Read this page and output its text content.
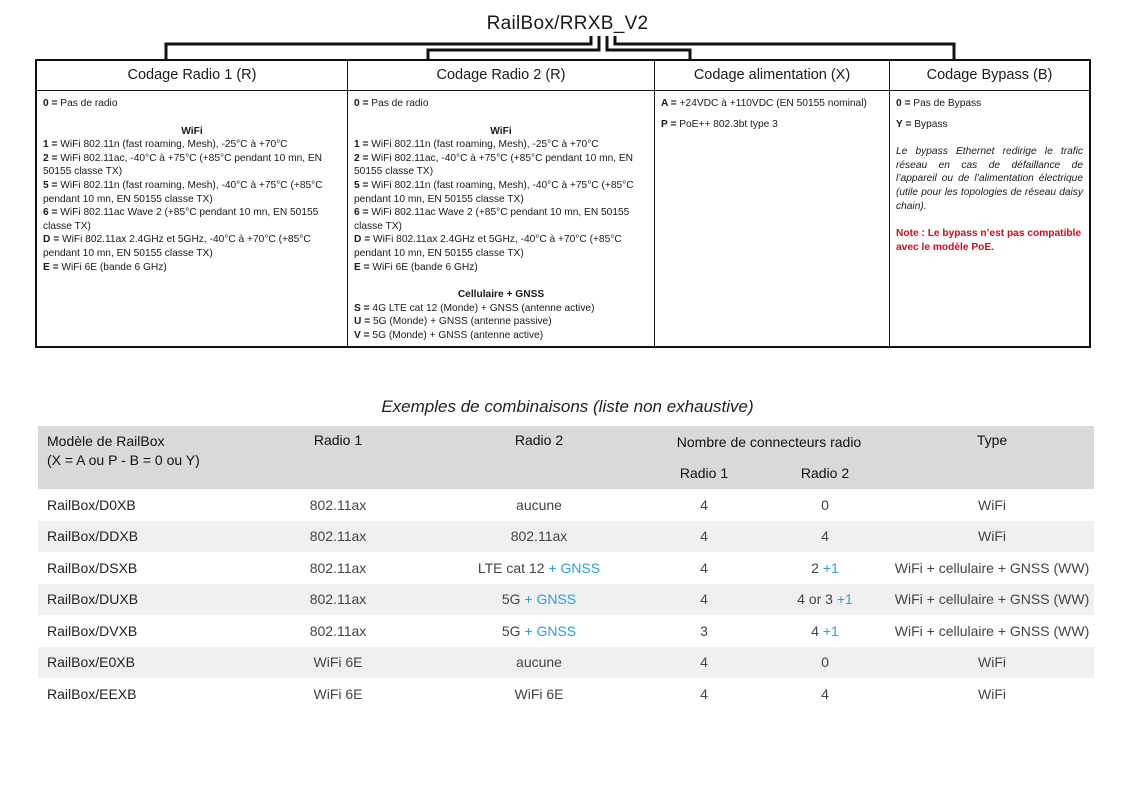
RailBox/RRXB_V2
Codage Radio 1 (R)
0 = Pas de radio
WiFi
1 = WiFi 802.11n (fast roaming, Mesh), -25°C à +70°C
2 = WiFi 802.11ac, -40°C à +75°C (+85°C pendant 10 mn, EN 50155 classe TX)
5 = WiFi 802.11n (fast roaming, Mesh), -40°C à +75°C (+85°C pendant 10 mn, EN 50155 classe TX)
6 = WiFi 802.11ac Wave 2 (+85°C pendant 10 mn, EN 50155 classe TX)
D = WiFi 802.11ax 2.4GHz et 5GHz, -40°C à +70°C (+85°C pendant 10 mn, EN 50155 classe TX)
E = WiFi 6E (bande 6 GHz)
Codage Radio 2 (R)
0 = Pas de radio
WiFi
1 = WiFi 802.11n (fast roaming, Mesh), -25°C à +70°C
2 = WiFi 802.11ac, -40°C à +75°C (+85°C pendant 10 mn, EN 50155 classe TX)
5 = WiFi 802.11n (fast roaming, Mesh), -40°C à +75°C (+85°C pendant 10 mn, EN 50155 classe TX)
6 = WiFi 802.11ac Wave 2 (+85°C pendant 10 mn, EN 50155 classe TX)
D = WiFi 802.11ax 2.4GHz et 5GHz, -40°C à +70°C (+85°C pendant 10 mn, EN 50155 classe TX)
E = WiFi 6E (bande 6 GHz)
Cellulaire + GNSS
S = 4G LTE cat 12 (Monde) + GNSS (antenne active)
U = 5G (Monde) + GNSS (antenne passive)
V = 5G (Monde) + GNSS (antenne active)
Codage alimentation (X)
A = +24VDC à +110VDC (EN 50155 nominal)
P = PoE++ 802.3bt type 3
Codage Bypass (B)
0 = Pas de Bypass
Y = Bypass
Le bypass Ethernet redirige le trafic réseau en cas de défaillance de l’appareil ou de l’alimentation électrique (utile pour les topologies de réseau daisy chain).
Note : Le bypass n’est pas compatible avec le modèle PoE.
Exemples de combinaisons (liste non exhaustive)
Modèle de RailBox
(X = A ou P - B = 0 ou Y)	Radio 1	Radio 2	Nombre de connecteurs radio		Type
			Radio 1	Radio 2	
RailBox/D0XB	802.11ax	aucune	4	0	WiFi
RailBox/DDXB	802.11ax	802.11ax	4	4	WiFi
RailBox/DSXB	802.11ax	LTE cat 12 + GNSS	4	2 +1	WiFi + cellulaire + GNSS (WW)
RailBox/DUXB	802.11ax	5G + GNSS	4	4 or 3 +1	WiFi + cellulaire + GNSS (WW)
RailBox/DVXB	802.11ax	5G + GNSS	3	4 +1	WiFi + cellulaire + GNSS (WW)
RailBox/E0XB	WiFi 6E	aucune	4	0	WiFi
RailBox/EEXB	WiFi 6E	WiFi 6E	4	4	WiFi
